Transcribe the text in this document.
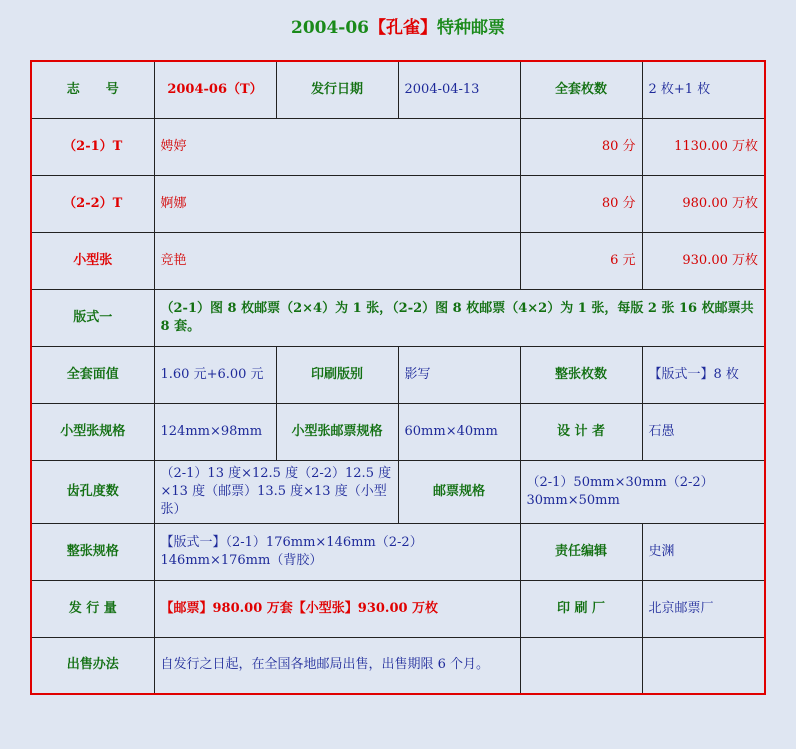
2004-06【孔雀】特种邮票
志　　号	2004-06（T）	发行日期	2004-04-13	全套枚数	2 枚+1 枚
（2-1）T	娉婷			80 分	1130.00 万枚
（2-2）T	婀娜			80 分	980.00 万枚
小型张	竞艳			6 元	930.00 万枚
版式一	（2-1）图 8 枚邮票（2×4）为 1 张，（2-2）图 8 枚邮票（4×2）为 1 张，每版 2 张 16 枚邮票共 8 套。				
全套面值	1.60 元+6.00 元	印刷版别	影写	整张枚数	【版式一】8 枚
小型张规格	124mm×98mm	小型张邮票规格	60mm×40mm	设 计 者	石愚
齿孔度数	（2-1）13 度×12.5 度（2-2）12.5 度×13 度（邮票）13.5 度×13 度（小型张）		邮票规格	（2-1）50mm×30mm（2-2）30mm×50mm	
整张规格	【版式一】（2-1）176mm×146mm（2-2）146mm×176mm（背胶）			责任编辑	史渊
发 行 量	【邮票】980.00 万套【小型张】930.00 万枚			印 刷 厂	北京邮票厂
出售办法	自发行之日起，在全国各地邮局出售，出售期限 6 个月。				
